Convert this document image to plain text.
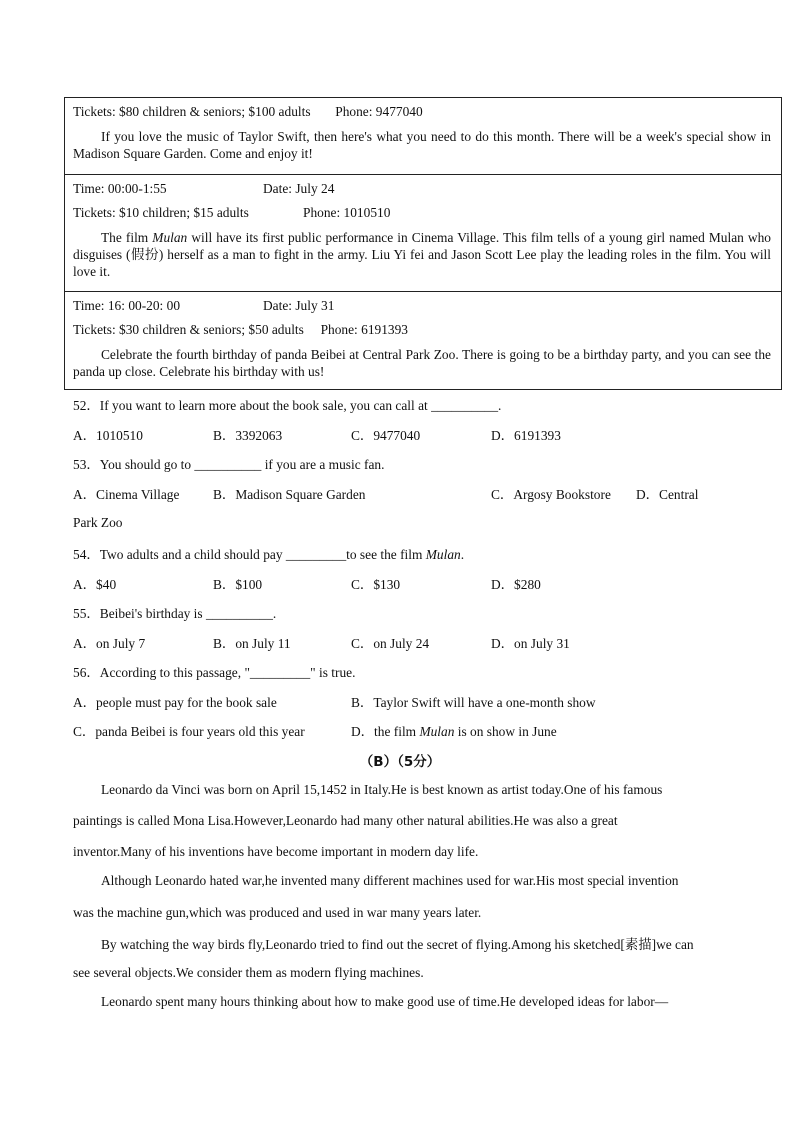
Tickets: $80 children & seniors; $100 adults Phone: 9477040
If you love the music of Taylor Swift, then here's what you need to do this month. There will be a week's special show in Madison Square Garden. Come and enjoy it!
Time: 00:00-1:55	Date: July 24
Tickets: $10 children; $15 adults	Phone: 1010510
The film Mulan will have its first public performance in Cinema Village. This film tells of a young girl named Mulan who disguises (假扮) herself as a man to fight in the army. Liu Yi fei and Jason Scott Lee play the leading roles in the film. You will love it.
Time: 16: 00-20: 00	Date: July 31
Tickets: $30 children & seniors; $50 adults Phone: 6191393
Celebrate the fourth birthday of panda Beibei at Central Park Zoo. There is going to be a birthday party, and you can see the panda up close. Celebrate his birthday with us!
52．If you want to learn more about the book sale, you can call at __________.
A．1010510	B．3392063	C．9477040	D．6191393
53．You should go to __________ if you are a music fan.
A．Cinema Village	B．Madison Square Garden	C．Argosy Bookstore D．Central
Park Zoo
54．Two adults and a child should pay _________to see the film Mulan.
A．$40	B．$100	C．$130	D．$280
55．Beibei's birthday is __________.
A．on July 7	B．on July 11	C．on July 24	D．on July 31
56．According to this passage, "_________" is true.
A．people must pay for the book sale	B．Taylor Swift will have a one-month show
C．panda Beibei is four years old this year	D．the film Mulan is on show in June
（B）（5分）
Leonardo da Vinci was born on April 15,1452 in Italy.He is best known as artist today.One of his famous
paintings is called Mona Lisa.However,Leonardo had many other natural abilities.He was also a great
inventor.Many of his inventions have become important in modern day life.
Although Leonardo hated war,he invented many different machines used for war.His most special invention
was the machine gun,which was produced and used in war many years later.
By watching the way birds fly,Leonardo tried to find out the secret of flying.Among his sketched[素描]we can
see several objects.We consider them as modern flying machines.
Leonardo spent many hours thinking about how to make good use of time.He developed ideas for labor—
